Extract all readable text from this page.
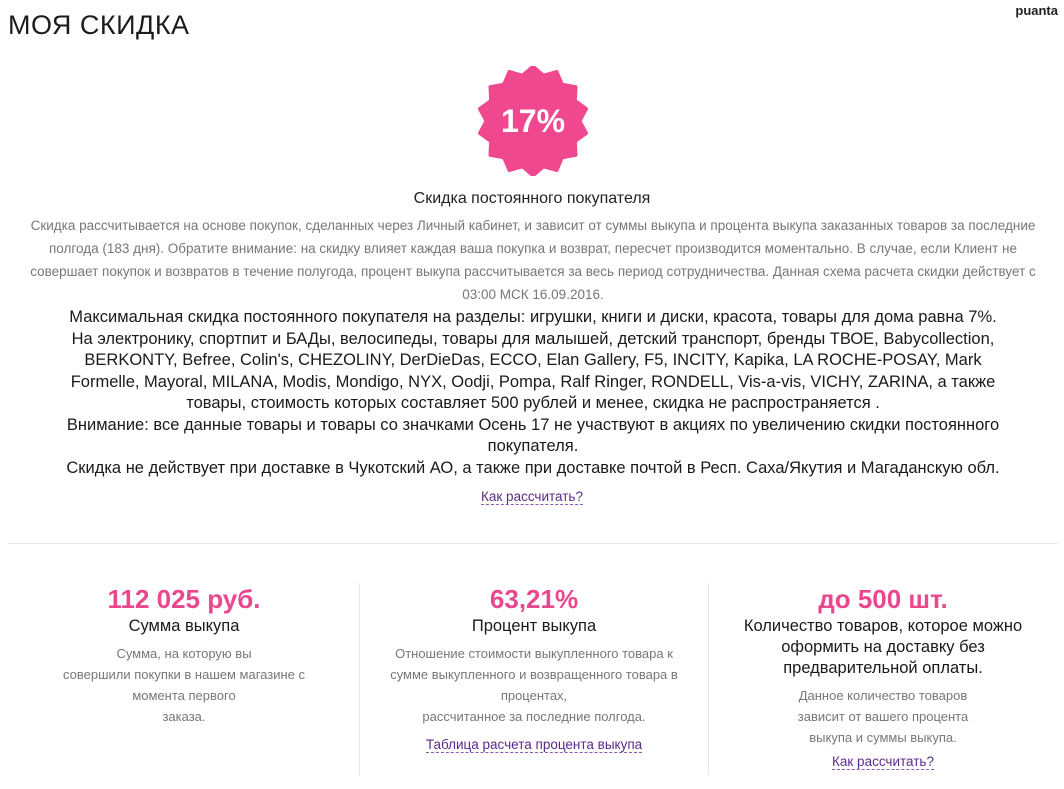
МОЯ СКИДКА	puanta
17%
Скидка постоянного покупателя
Скидка рассчитывается на основе покупок, сделанных через Личный кабинет, и зависит от суммы выкупа и процента выкупа заказанных товаров за последние
полгода (183 дня). Обратите внимание: на скидку влияет каждая ваша покупка и возврат, пересчет производится моментально. В случае, если Клиент не
совершает покупок и возвратов в течение полугода, процент выкупа рассчитывается за весь период сотрудничества. Данная схема расчета скидки действует с
03:00 МСК 16.09.2016.
Максимальная скидка постоянного покупателя на разделы: игрушки, книги и диски, красота, товары для дома равна 7%.
На электронику, спортпит и БАДы, велосипеды, товары для малышей, детский транспорт, бренды ТВОЕ, Babycollection,
BERKONTY, Befree, Colin's, CHEZOLINY, DerDieDas, ECCO, Elan Gallery, F5, INCITY, Kapika, LA ROCHE-POSAY, Mark
Formelle, Mayoral, MILANA, Modis, Mondigo, NYX, Oodji, Pompa, Ralf Ringer, RONDELL, Vis-a-vis, VICHY, ZARINA, а также
товары, стоимость которых составляет 500 рублей и менее, скидка не распространяется .
Внимание: все данные товары и товары со значками Осень 17 не участвуют в акциях по увеличению скидки постоянного
покупателя.
Скидка не действует при доставке в Чукотский АО, а также при доставке почтой в Респ. Саха/Якутия и Магаданскую обл.
Как рассчитать?
112 025 руб.
Сумма выкупа
Сумма, на которую вы
совершили покупки в нашем магазине с
момента первого
заказа.
63,21%
Процент выкупа
Отношение стоимости выкупленного товара к
сумме выкупленного и возвращенного товара в
процентах,
рассчитанное за последние полгода.
Таблица расчета процента выкупа
до 500 шт.
Количество товаров, которое можно
оформить на доставку без
предварительной оплаты.
Данное количество товаров
зависит от вашего процента
выкупа и суммы выкупа.
Как рассчитать? iRECOMMEND.RU
